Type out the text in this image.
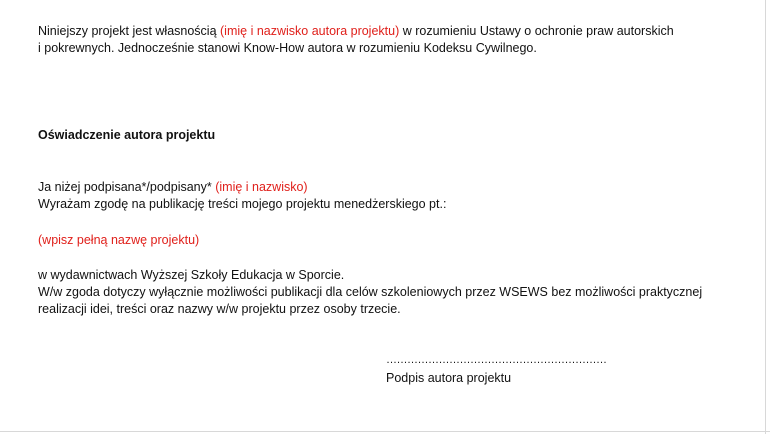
Niniejszy projekt jest własnością (imię i nazwisko autora projektu) w rozumieniu Ustawy o ochronie praw autorskich
i pokrewnych. Jednocześnie stanowi Know-How autora w rozumieniu Kodeksu Cywilnego.
Oświadczenie autora projektu
Ja niżej podpisana*/podpisany* (imię i nazwisko)
Wyrażam zgodę na publikację treści mojego projektu menedżerskiego pt.:
(wpisz pełną nazwę projektu)
w wydawnictwach Wyższej Szkoły Edukacja w Sporcie.
W/w zgoda dotyczy wyłącznie możliwości publikacji dla celów szkoleniowych przez WSEWS bez możliwości praktycznej
realizacji idei, treści oraz nazwy w/w projektu przez osoby trzecie.
………………………………………………………
Podpis autora projektu
